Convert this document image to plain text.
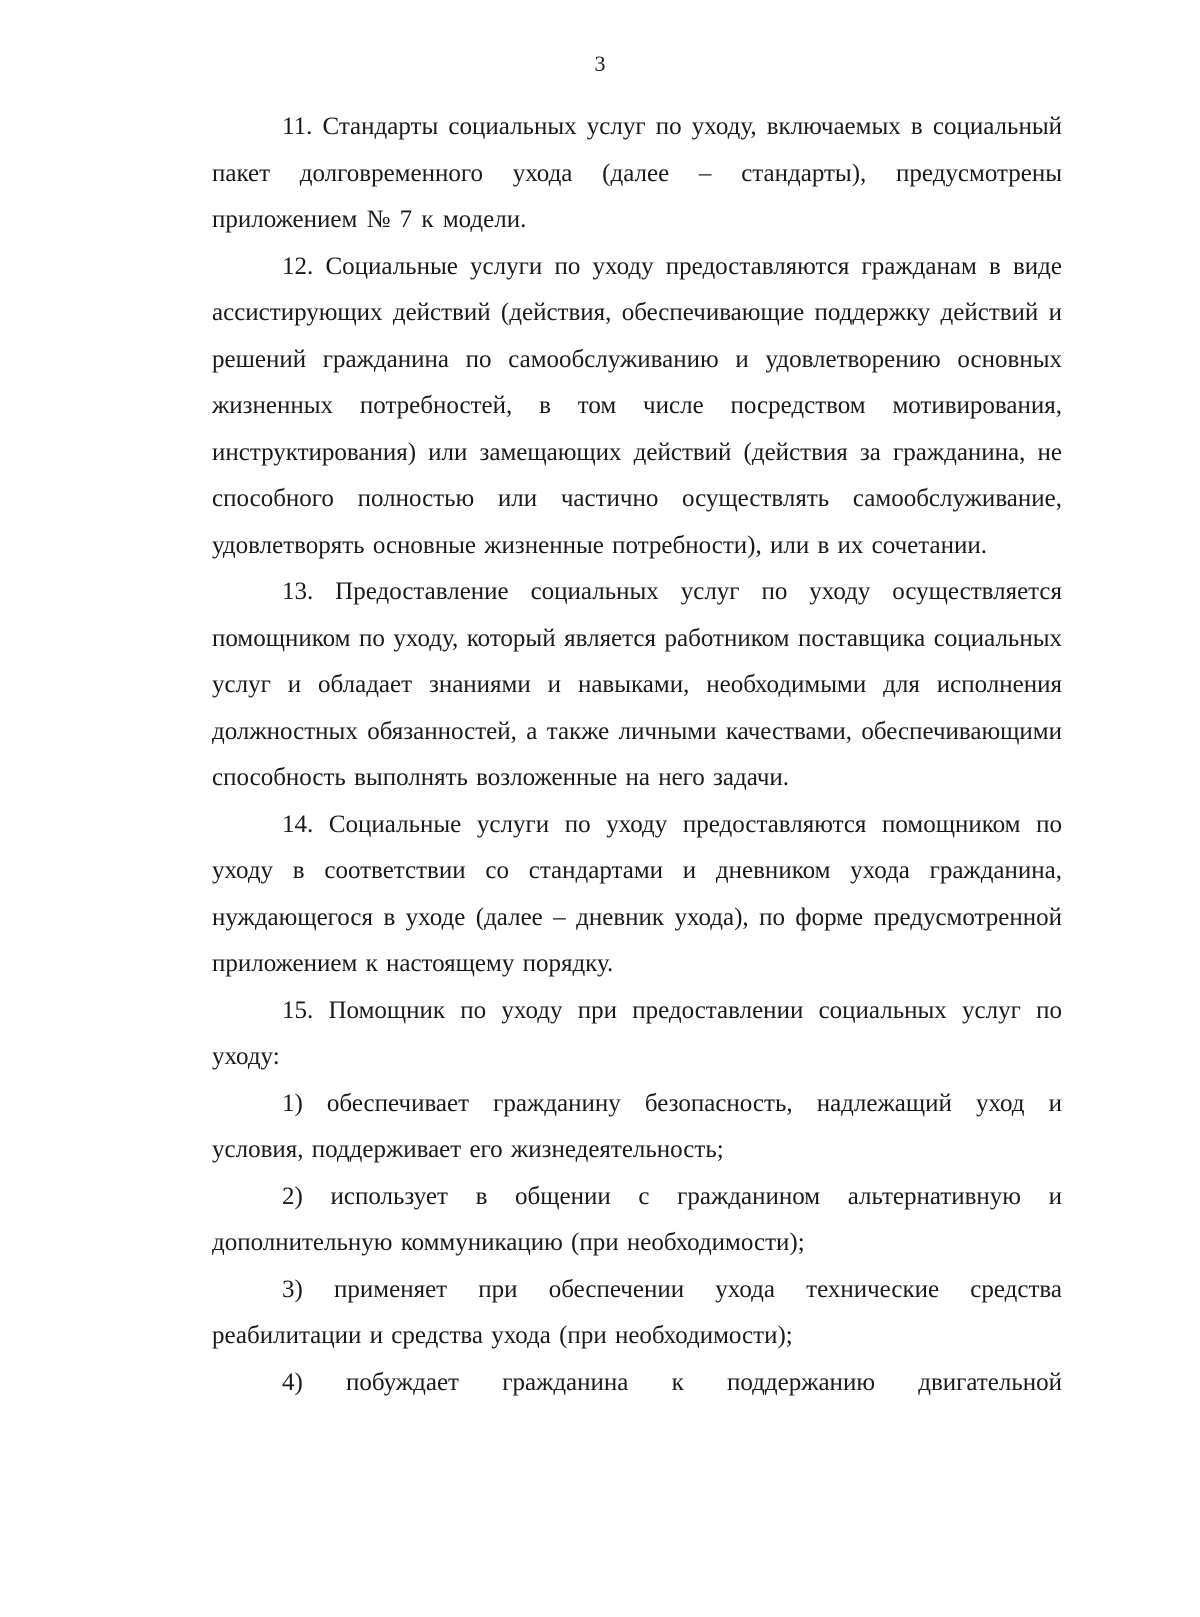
3

11. Стандарты социальных услуг по уходу, включаемых в социальный пакет долговременного ухода (далее – стандарты), предусмотрены приложением № 7 к модели.

12. Социальные услуги по уходу предоставляются гражданам в виде ассистирующих действий (действия, обеспечивающие поддержку действий и решений гражданина по самообслуживанию и удовлетворению основных жизненных потребностей, в том числе посредством мотивирования, инструктирования) или замещающих действий (действия за гражданина, не способного полностью или частично осуществлять самообслуживание, удовлетворять основные жизненные потребности), или в их сочетании.

13. Предоставление социальных услуг по уходу осуществляется помощником по уходу, который является работником поставщика социальных услуг и обладает знаниями и навыками, необходимыми для исполнения должностных обязанностей, а также личными качествами, обеспечивающими способность выполнять возложенные на него задачи.

14. Социальные услуги по уходу предоставляются помощником по уходу в соответствии со стандартами и дневником ухода гражданина, нуждающегося в уходе (далее – дневник ухода), по форме предусмотренной приложением к настоящему порядку.

15. Помощник по уходу при предоставлении социальных услуг по уходу:

1) обеспечивает гражданину безопасность, надлежащий уход и условия, поддерживает его жизнедеятельность;

2) использует в общении с гражданином альтернативную и дополнительную коммуникацию (при необходимости);

3) применяет при обеспечении ухода технические средства реабилитации и средства ухода (при необходимости);

4) побуждает гражданина к поддержанию двигательной
